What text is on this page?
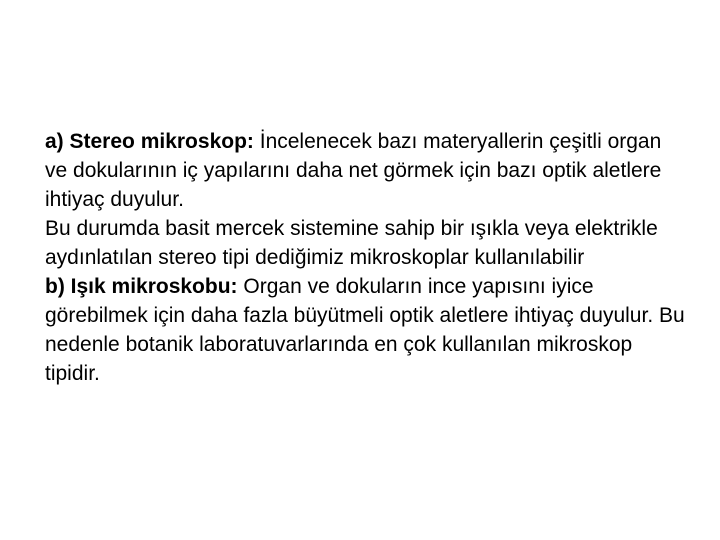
a) Stereo mikroskop: İncelenecek bazı materyallerin çeşitli organ ve dokularının iç yapılarını daha net görmek için bazı optik aletlere ihtiyaç duyulur.

Bu durumda basit mercek sistemine sahip bir ışıkla veya elektrikle aydınlatılan stereo tipi dediğimiz mikroskoplar kullanılabilir

b) Işık mikroskobu: Organ ve dokuların ince yapısını iyice görebilmek için daha fazla büyütmeli optik aletlere ihtiyaç duyulur. Bu nedenle botanik laboratuvarlarında en çok kullanılan mikroskop tipidir.
